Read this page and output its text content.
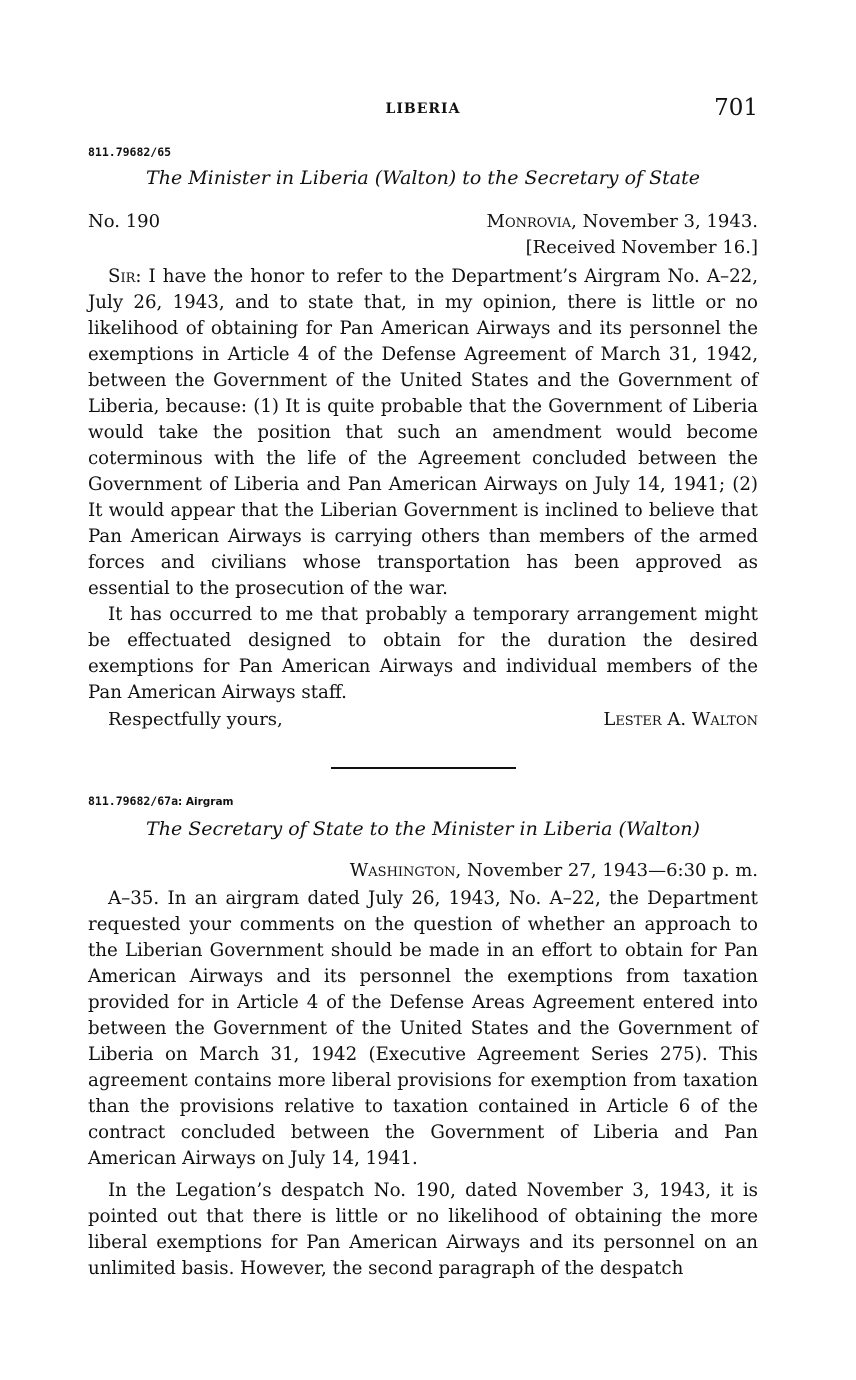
LIBERIA	701
811.79682/65
The Minister in Liberia (Walton) to the Secretary of State
No. 190	Monrovia, November 3, 1943.
[Received November 16.]

Sir: I have the honor to refer to the Department’s Airgram No. A–22, July 26, 1943, and to state that, in my opinion, there is little or no likelihood of obtaining for Pan American Airways and its personnel the exemptions in Article 4 of the Defense Agreement of March 31, 1942, between the Government of the United States and the Government of Liberia, because: (1) It is quite probable that the Government of Liberia would take the position that such an amendment would become coterminous with the life of the Agreement concluded between the Government of Liberia and Pan American Airways on July 14, 1941; (2) It would appear that the Liberian Government is inclined to believe that Pan American Airways is carrying others than members of the armed forces and civilians whose transportation has been approved as essential to the prosecution of the war.

It has occurred to me that probably a temporary arrangement might be effectuated designed to obtain for the duration the desired exemptions for Pan American Airways and individual members of the Pan American Airways staff.

Respectfully yours,	Lester A. Walton
811.79682/67a: Airgram
The Secretary of State to the Minister in Liberia (Walton)
Washington, November 27, 1943—6:30 p. m.

A–35. In an airgram dated July 26, 1943, No. A–22, the Department requested your comments on the question of whether an approach to the Liberian Government should be made in an effort to obtain for Pan American Airways and its personnel the exemptions from taxation provided for in Article 4 of the Defense Areas Agreement entered into between the Government of the United States and the Government of Liberia on March 31, 1942 (Executive Agreement Series 275). This agreement contains more liberal provisions for exemption from taxation than the provisions relative to taxation contained in Article 6 of the contract concluded between the Government of Liberia and Pan American Airways on July 14, 1941.

In the Legation’s despatch No. 190, dated November 3, 1943, it is pointed out that there is little or no likelihood of obtaining the more liberal exemptions for Pan American Airways and its personnel on an unlimited basis. However, the second paragraph of the despatch
